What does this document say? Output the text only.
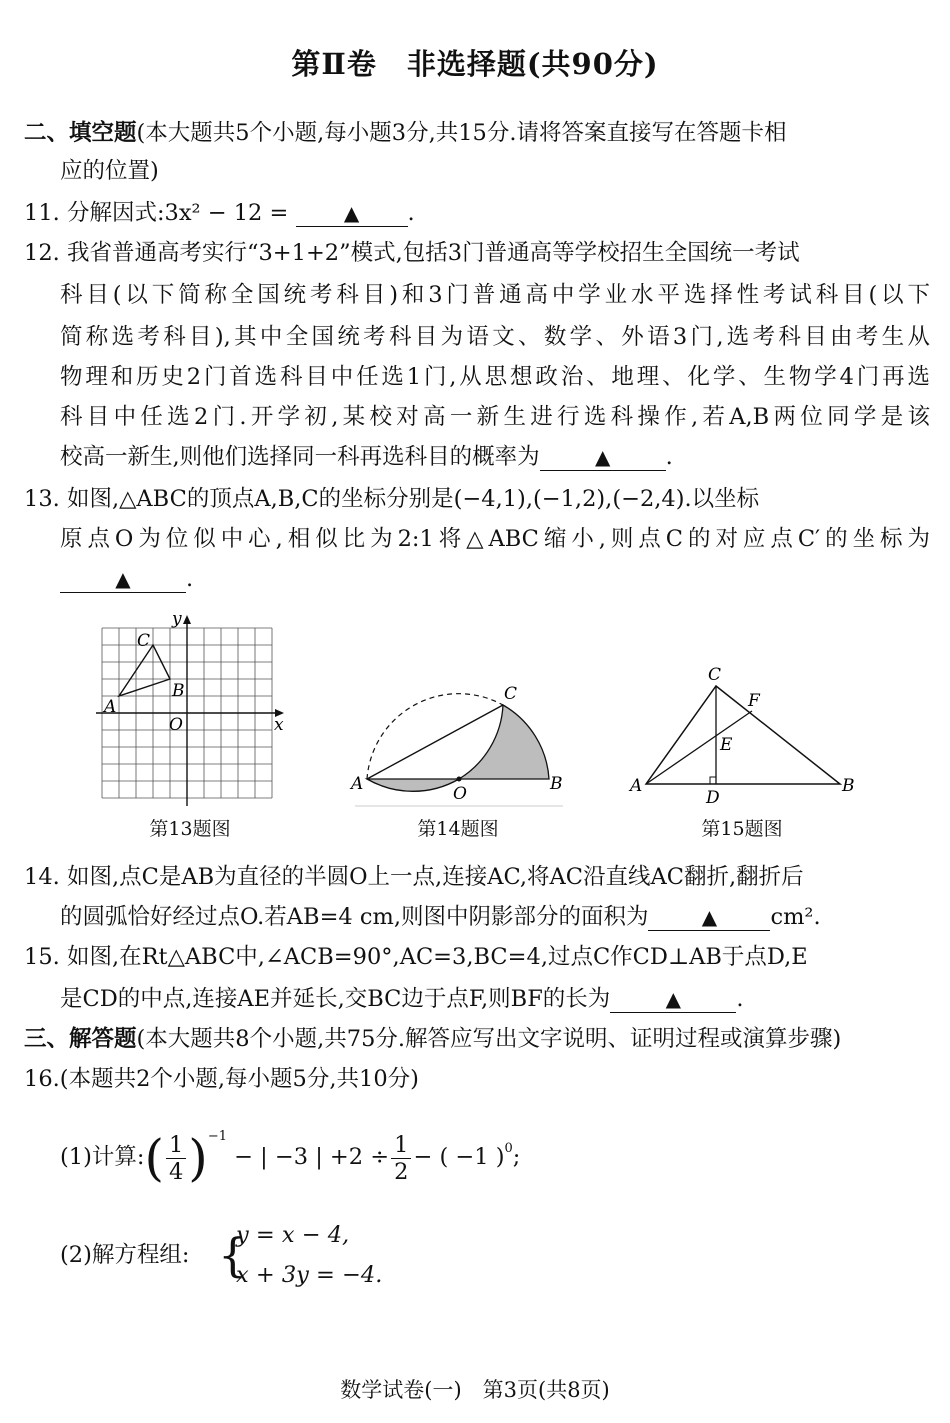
第Ⅱ卷　非选择题(共90分)
二、填空题(本大题共5个小题,每小题3分,共15分.请将答案直接写在答题卡相
应的位置)
11. 分解因式:3x² − 12 =	▲ .
12. 我省普通高考实行“3+1+2”模式,包括3门普通高等学校招生全国统一考试
科目(以下简称全国统考科目)和3门普通高中学业水平选择性考试科目(以下
简称选考科目),其中全国统考科目为语文、数学、外语3门,选考科目由考生从
物理和历史2门首选科目中任选1门,从思想政治、地理、化学、生物学4门再选
科目中任选2门.开学初,某校对高一新生进行选科操作,若A,B两位同学是该
校高一新生,则他们选择同一科再选科目的概率为	▲ .
13. 如图,△ABC的顶点A,B,C的坐标分别是(−4,1),(−1,2),(−2,4).以坐标
原点O为位似中心,相似比为2:1将△ABC缩小,则点C的对应点C′的坐标为
▲ .
A
B
C
O	x
y
第13题图
A	B
C
O
第14题图
A	B
C
D
E
F
第15题图
14. 如图,点C是AB为直径的半圆O上一点,连接AC,将AC沿直线AC翻折,翻折后
的圆弧恰好经过点O.若AB=4 cm,则图中阴影部分的面积为	▲ cm².
15. 如图,在Rt△ABC中,∠ACB=90°,AC=3,BC=4,过点C作CD⊥AB于点D,E
是CD的中点,连接AE并延长,交BC边于点F,则BF的长为	▲ .
三、解答题(本大题共8个小题,共75分.解答应写出文字说明、证明过程或演算步骤)
16.(本题共2个小题,每小题5分,共10分)
(1)计算:( $\frac{1}{4} )^{-1}$ − | −3 | $+2 \div \frac{1}{2}$ − ( −1 )$^0$;
(2)解方程组: {
y = x − 4,
x + 3y = −4.
数学试卷(一)　第3页(共8页)
